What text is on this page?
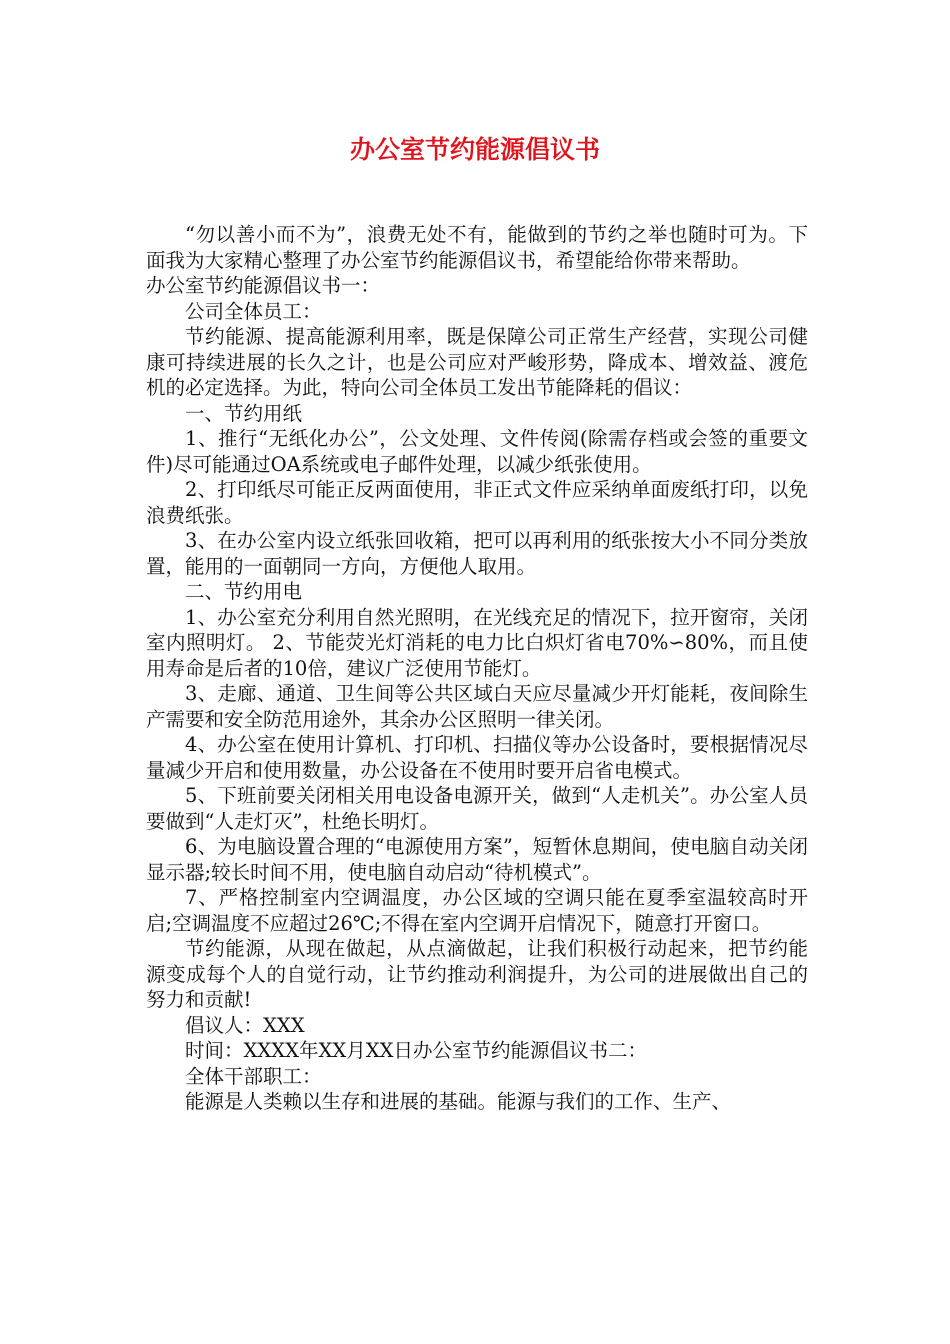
办公室节约能源倡议书

“勿以善小而不为”，浪费无处不有，能做到的节约之举也随时可为。下面我为大家精心整理了办公室节约能源倡议书，希望能给你带来帮助。

办公室节约能源倡议书一：

公司全体员工：

节约能源、提高能源利用率，既是保障公司正常生产经营，实现公司健康可持续进展的长久之计，也是公司应对严峻形势，降成本、增效益、渡危机的必定选择。为此，特向公司全体员工发出节能降耗的倡议：

一、节约用纸

1、推行“无纸化办公”，公文处理、文件传阅(除需存档或会签的重要文件)尽可能通过OA系统或电子邮件处理，以减少纸张使用。

2、打印纸尽可能正反两面使用，非正式文件应采纳单面废纸打印，以免浪费纸张。

3、在办公室内设立纸张回收箱，把可以再利用的纸张按大小不同分类放置，能用的一面朝同一方向，方便他人取用。

二、节约用电

1、办公室充分利用自然光照明，在光线充足的情况下，拉开窗帘，关闭室内照明灯。 2、节能荧光灯消耗的电力比白炽灯省电70%∽80%，而且使用寿命是后者的10倍，建议广泛使用节能灯。

3、走廊、通道、卫生间等公共区域白天应尽量减少开灯能耗，夜间除生产需要和安全防范用途外，其余办公区照明一律关闭。

4、办公室在使用计算机、打印机、扫描仪等办公设备时，要根据情况尽量减少开启和使用数量，办公设备在不使用时要开启省电模式。

5、下班前要关闭相关用电设备电源开关，做到“人走机关”。办公室人员要做到“人走灯灭”，杜绝长明灯。

6、为电脑设置合理的“电源使用方案”，短暂休息期间，使电脑自动关闭显示器;较长时间不用，使电脑自动启动“待机模式”。

7、严格控制室内空调温度，办公区域的空调只能在夏季室温较高时开启;空调温度不应超过26℃;不得在室内空调开启情况下，随意打开窗口。

节约能源，从现在做起，从点滴做起，让我们积极行动起来，把节约能源变成每个人的自觉行动，让节约推动利润提升，为公司的进展做出自己的努力和贡献!

倡议人：XXX

时间：XXXX年XX月XX日办公室节约能源倡议书二：

全体干部职工：

能源是人类赖以生存和进展的基础。能源与我们的工作、生产、
